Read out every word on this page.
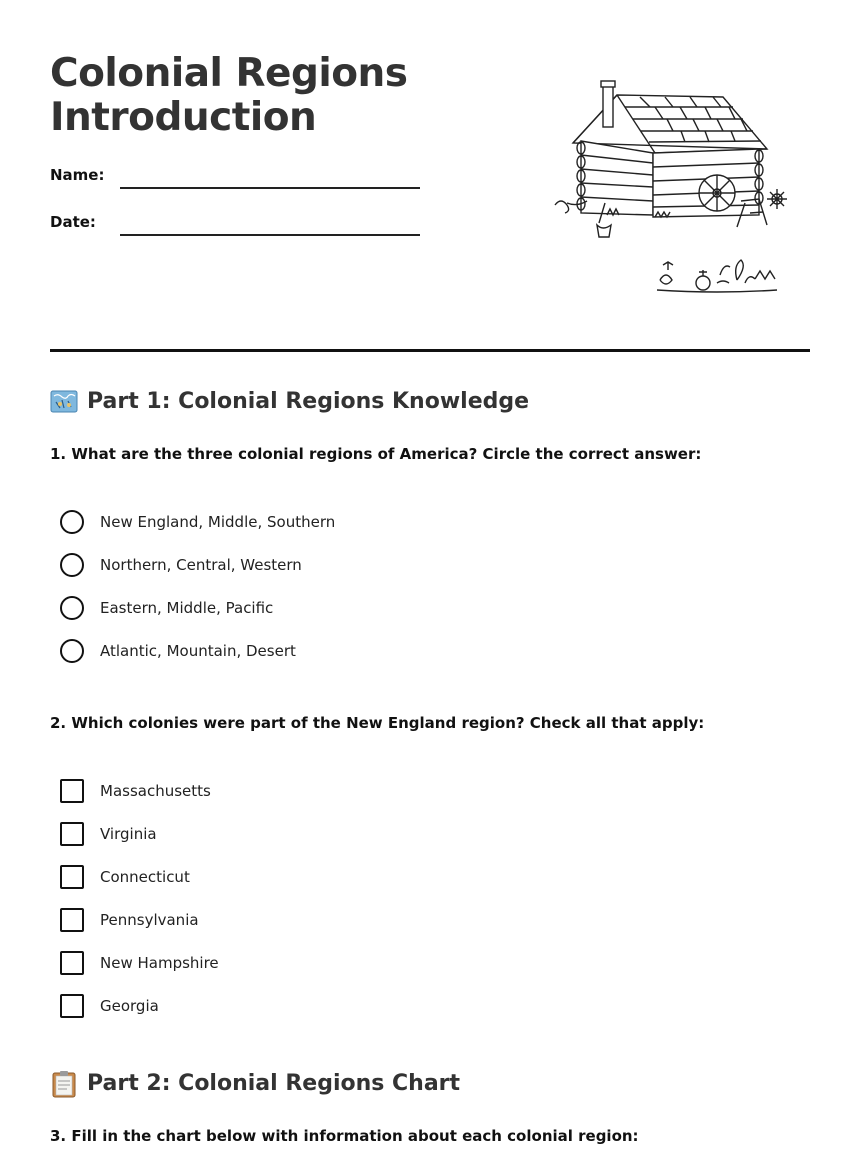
Colonial Regions Introduction
Name:
Date:
Part 1: Colonial Regions Knowledge
1. What are the three colonial regions of America? Circle the correct answer:
New England, Middle, Southern
Northern, Central, Western
Eastern, Middle, Pacific
Atlantic, Mountain, Desert
2. Which colonies were part of the New England region? Check all that apply:
Massachusetts
Virginia
Connecticut
Pennsylvania
New Hampshire
Georgia
Part 2: Colonial Regions Chart
3. Fill in the chart below with information about each colonial region:
